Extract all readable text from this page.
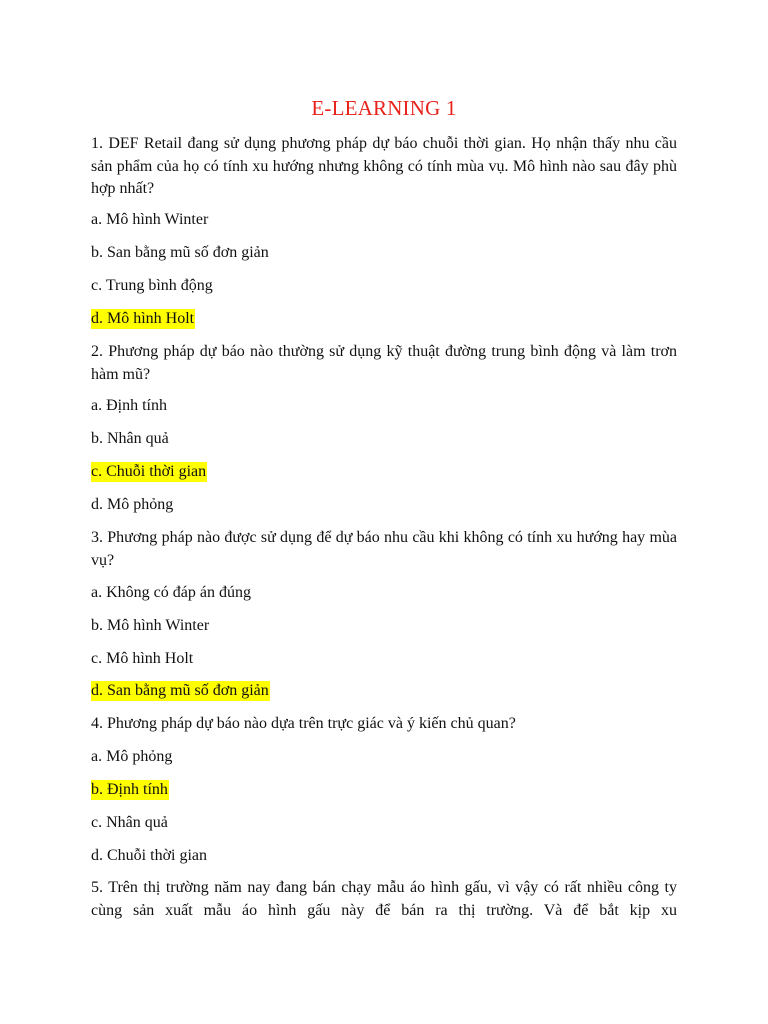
E-LEARNING 1
1. DEF Retail đang sử dụng phương pháp dự báo chuỗi thời gian. Họ nhận thấy nhu cầu sản phẩm của họ có tính xu hướng nhưng không có tính mùa vụ. Mô hình nào sau đây phù hợp nhất?
a. Mô hình Winter
b. San bằng mũ số đơn giản
c. Trung bình động
d. Mô hình Holt
2. Phương pháp dự báo nào thường sử dụng kỹ thuật đường trung bình động và làm trơn hàm mũ?
a. Định tính
b. Nhân quả
c. Chuỗi thời gian
d. Mô phỏng
3. Phương pháp nào được sử dụng để dự báo nhu cầu khi không có tính xu hướng hay mùa vụ?
a. Không có đáp án đúng
b. Mô hình Winter
c. Mô hình Holt
d. San bằng mũ số đơn giản
4. Phương pháp dự báo nào dựa trên trực giác và ý kiến chủ quan?
a. Mô phỏng
b. Định tính
c. Nhân quả
d. Chuỗi thời gian
5. Trên thị trường năm nay đang bán chạy mẫu áo hình gấu, vì vậy có rất nhiều công ty cùng sản xuất mẫu áo hình gấu này để bán ra thị trường. Và để bắt kịp xu
